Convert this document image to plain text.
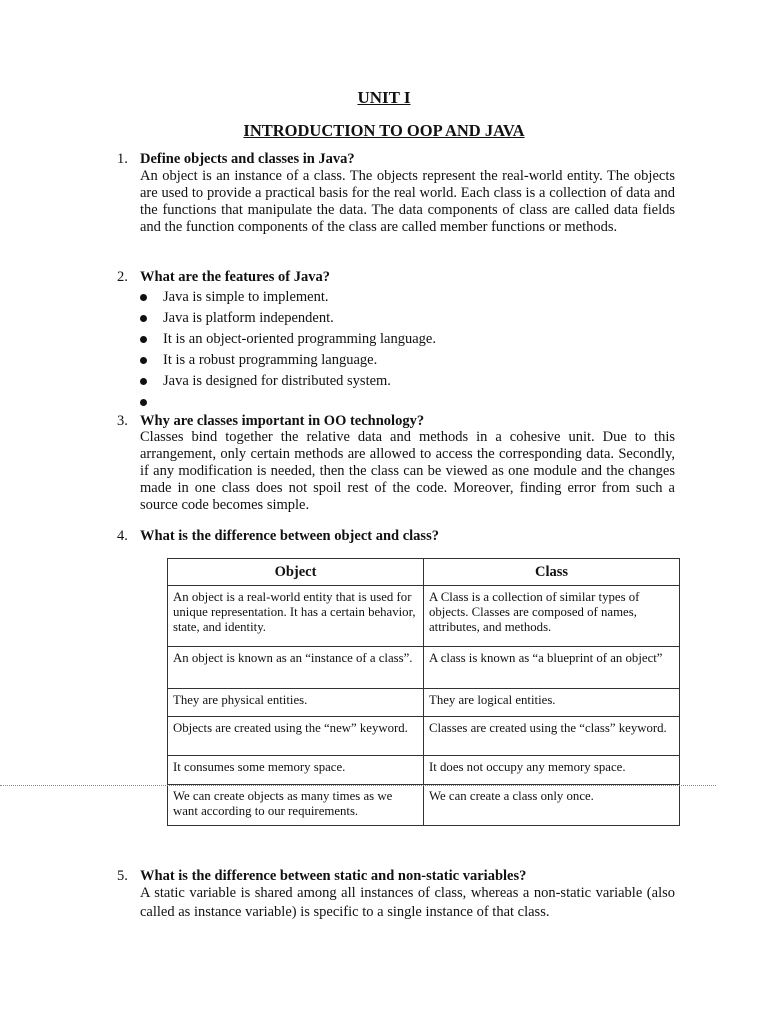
UNIT I
INTRODUCTION TO OOP AND JAVA
1. Define objects and classes in Java?
An object is an instance of a class. The objects represent the real-world entity. The objects are used to provide a practical basis for the real world. Each class is a collection of data and the functions that manipulate the data. The data components of class are called data fields and the function components of the class are called member functions or methods.
2. What are the features of Java?
Java is simple to implement.
Java is platform independent.
It is an object-oriented programming language.
It is a robust programming language.
Java is designed for distributed system.
3. Why are classes important in OO technology?
Classes bind together the relative data and methods in a cohesive unit. Due to this arrangement, only certain methods are allowed to access the corresponding data. Secondly, if any modification is needed, then the class can be viewed as one module and the changes made in one class does not spoil rest of the code. Moreover, finding error from such a source code becomes simple.
4. What is the difference between object and class?
Object	Class
An object is a real-world entity that is used for unique representation. It has a certain behavior, state, and identity.	A Class is a collection of similar types of objects. Classes are composed of names, attributes, and methods.
An object is known as an “instance of a class”.	A class is known as “a blueprint of an object”
They are physical entities.	They are logical entities.
Objects are created using the “new” keyword.	Classes are created using the “class” keyword.
It consumes some memory space.	It does not occupy any memory space.
We can create objects as many times as we want according to our requirements.	We can create a class only once.
5. What is the difference between static and non-static variables?
A static variable is shared among all instances of class, whereas a non-static variable (also called as instance variable) is specific to a single instance of that class.
